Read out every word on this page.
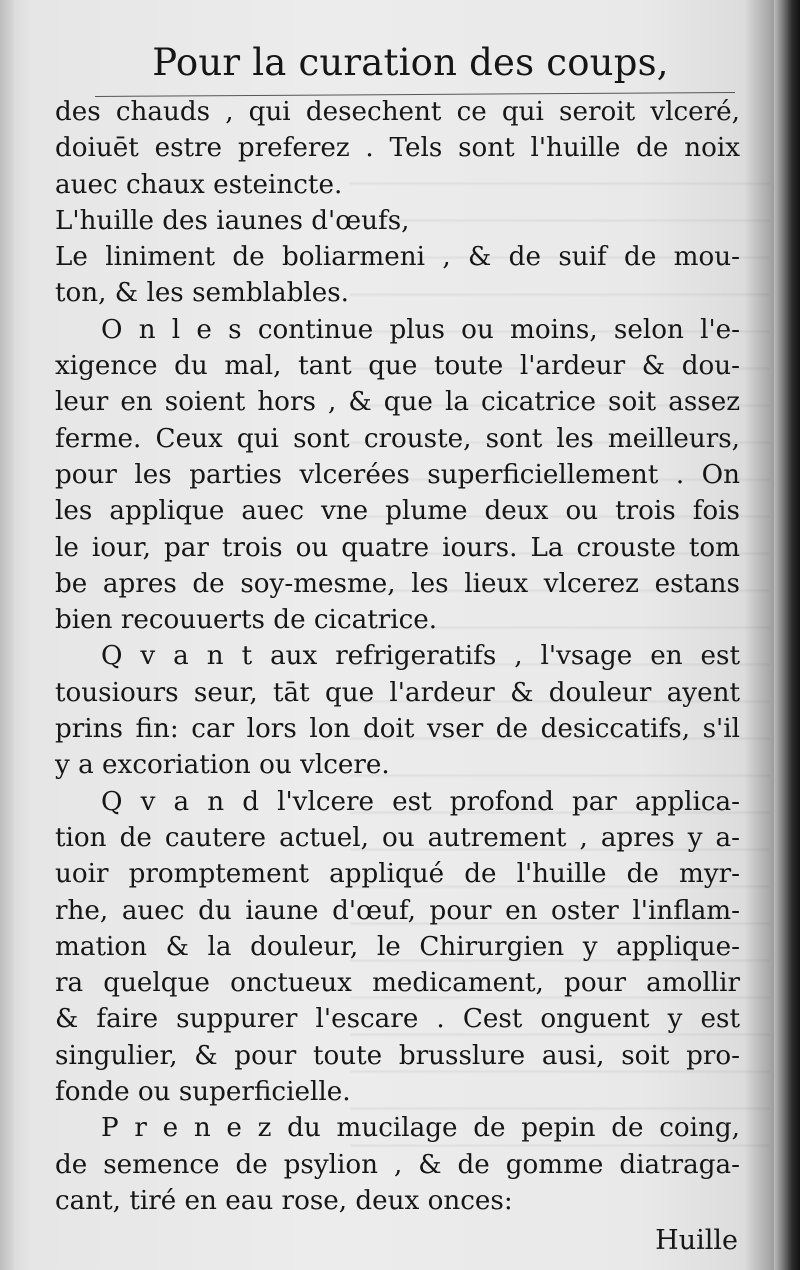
Pour la curation des coups,
des chauds , qui desechent ce qui seroit vlceré,
doiuēt estre preferez . Tels sont l'huille de noix
auec chaux esteincte.
L'huille des iaunes d'œufs,
Le liniment de boliarmeni , & de suif de mou-
ton, & les semblables.
O n l e s continue plus ou moins, selon l'e-
xigence du mal, tant que toute l'ardeur & dou-
leur en soient hors , & que la cicatrice soit assez
ferme. Ceux qui sont crouste, sont les meilleurs,
pour les parties vlcerées superficiellement . On
les applique auec vne plume deux ou trois fois
le iour, par trois ou quatre iours. La crouste tom
be apres de soy-mesme, les lieux vlcerez estans
bien recouuerts de cicatrice.
Q v a n t aux refrigeratifs , l'vsage en est
tousiours seur, tāt que l'ardeur & douleur ayent
prins fin: car lors lon doit vser de desiccatifs, s'il
y a excoriation ou vlcere.
Q v a n d l'vlcere est profond par applica-
tion de cautere actuel, ou autrement , apres y a-
uoir promptement appliqué de l'huille de myr-
rhe, auec du iaune d'œuf, pour en oster l'inflam-
mation & la douleur, le Chirurgien y applique-
ra quelque onctueux medicament, pour amollir
& faire suppurer l'escare . Cest onguent y est
singulier, & pour toute brusslure ausi, soit pro-
fonde ou superficielle.
P r e n e z du mucilage de pepin de coing,
de semence de psylion , & de gomme diatraga-
cant, tiré en eau rose, deux onces:
Huille
